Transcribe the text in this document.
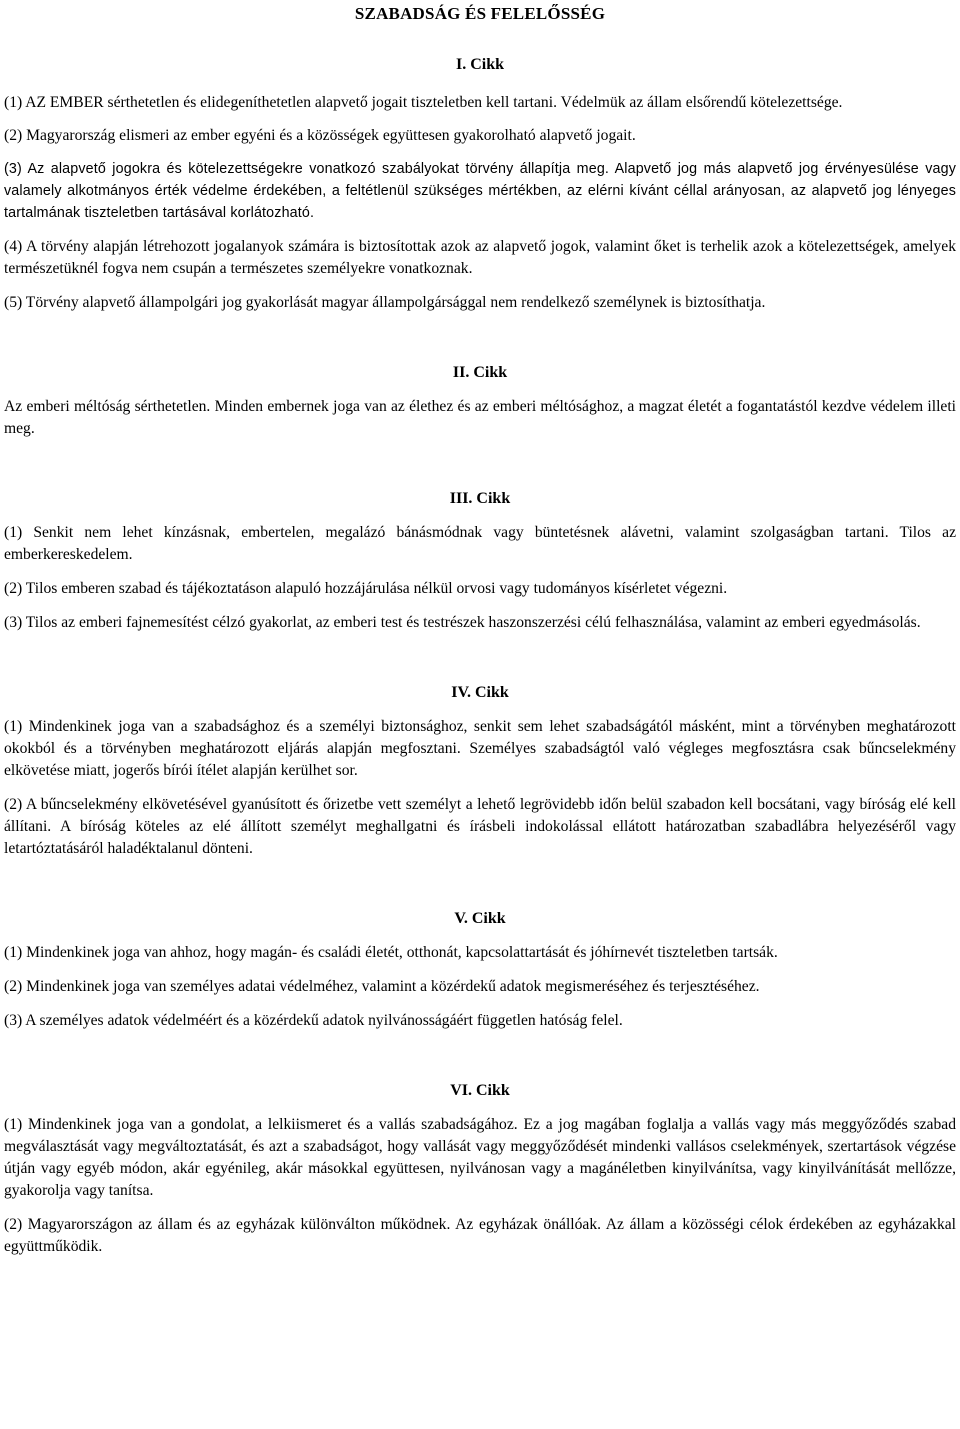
SZABADSÁG ÉS FELELŐSSÉG
I. Cikk

(1) AZ EMBER sérthetetlen és elidegeníthetetlen alapvető jogait tiszteletben kell tartani. Védelmük az állam elsőrendű kötelezettsége.

(2) Magyarország elismeri az ember egyéni és a közösségek együttesen gyakorolható alapvető jogait.

(3) Az alapvető jogokra és kötelezettségekre vonatkozó szabályokat törvény állapítja meg. Alapvető jog más alapvető jog érvényesülése vagy valamely alkotmányos érték védelme érdekében, a feltétlenül szükséges mértékben, az elérni kívánt céllal arányosan, az alapvető jog lényeges tartalmának tiszteletben tartásával korlátozható.

(4) A törvény alapján létrehozott jogalanyok számára is biztosítottak azok az alapvető jogok, valamint őket is terhelik azok a kötelezettségek, amelyek természetüknél fogva nem csupán a természetes személyekre vonatkoznak.

(5) Törvény alapvető állampolgári jog gyakorlását magyar állampolgársággal nem rendelkező személynek is biztosíthatja.

II. Cikk

Az emberi méltóság sérthetetlen. Minden embernek joga van az élethez és az emberi méltósághoz, a magzat életét a fogantatástól kezdve védelem illeti meg.

III. Cikk

(1) Senkit nem lehet kínzásnak, embertelen, megalázó bánásmódnak vagy büntetésnek alávetni, valamint szolgaságban tartani. Tilos az emberkereskedelem.

(2) Tilos emberen szabad és tájékoztatáson alapuló hozzájárulása nélkül orvosi vagy tudományos kísérletet végezni.

(3) Tilos az emberi fajnemesítést célzó gyakorlat, az emberi test és testrészek haszonszerzési célú felhasználása, valamint az emberi egyedmásolás.

IV. Cikk

(1) Mindenkinek joga van a szabadsághoz és a személyi biztonsághoz, senkit sem lehet szabadságától másként, mint a törvényben meghatározott okokból és a törvényben meghatározott eljárás alapján megfosztani. Személyes szabadságtól való végleges megfosztásra csak bűncselekmény elkövetése miatt, jogerős bírói ítélet alapján kerülhet sor.

(2) A bűncselekmény elkövetésével gyanúsított és őrizetbe vett személyt a lehető legrövidebb időn belül szabadon kell bocsátani, vagy bíróság elé kell állítani. A bíróság köteles az elé állított személyt meghallgatni és írásbeli indokolással ellátott határozatban szabadlábra helyezéséről vagy letartóztatásáról haladéktalanul dönteni.

V. Cikk

(1) Mindenkinek joga van ahhoz, hogy magán- és családi életét, otthonát, kapcsolattartását és jóhírnevét tiszteletben tartsák.

(2) Mindenkinek joga van személyes adatai védelméhez, valamint a közérdekű adatok megismeréséhez és terjesztéséhez.

(3) A személyes adatok védelméért és a közérdekű adatok nyilvánosságáért független hatóság felel.

VI. Cikk

(1) Mindenkinek joga van a gondolat, a lelkiismeret és a vallás szabadságához. Ez a jog magában foglalja a vallás vagy más meggyőződés szabad megválasztását vagy megváltoztatását, és azt a szabadságot, hogy vallását vagy meggyőződését mindenki vallásos cselekmények, szertartások végzése útján vagy egyéb módon, akár egyénileg, akár másokkal együttesen, nyilvánosan vagy a magánéletben kinyilvánítsa, vagy kinyilvánítását mellőzze, gyakorolja vagy tanítsa.

(2) Magyarországon az állam és az egyházak különválton működnek. Az egyházak önállóak. Az állam a közösségi célok érdekében az egyházakkal együttműködik.
